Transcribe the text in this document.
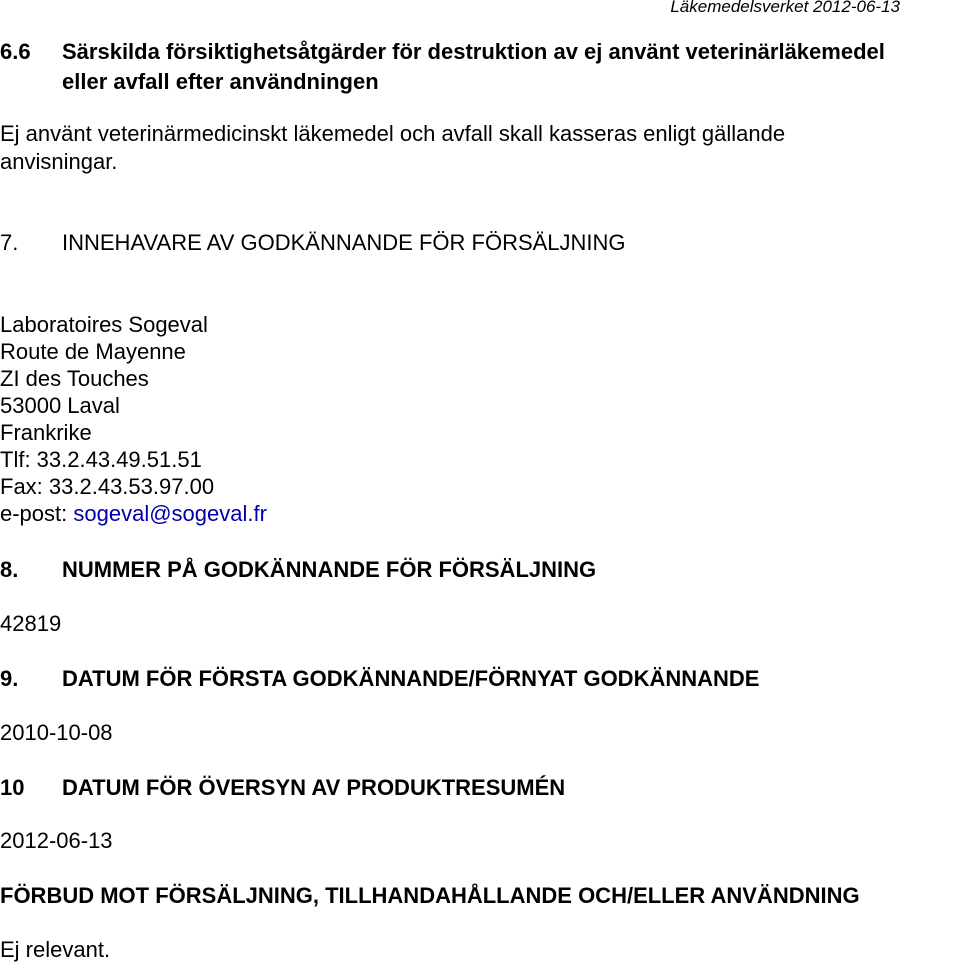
Läkemedelsverket 2012-06-13
6.6 Särskilda försiktighetsåtgärder för destruktion av ej använt veterinärläkemedel
eller avfall efter användningen
Ej använt veterinärmedicinskt läkemedel och avfall skall kasseras enligt gällande
anvisningar.
7. INNEHAVARE AV GODKÄNNANDE FÖR FÖRSÄLJNING
Laboratoires Sogeval
Route de Mayenne
ZI des Touches
53000 Laval
Frankrike
Tlf: 33.2.43.49.51.51
Fax: 33.2.43.53.97.00
e-post: sogeval@sogeval.fr
8. NUMMER PÅ GODKÄNNANDE FÖR FÖRSÄLJNING
42819
9. DATUM FÖR FÖRSTA GODKÄNNANDE/FÖRNYAT GODKÄNNANDE
2010-10-08
10 DATUM FÖR ÖVERSYN AV PRODUKTRESUMÉN
2012-06-13
FÖRBUD MOT FÖRSÄLJNING, TILLHANDAHÅLLANDE OCH/ELLER ANVÄNDNING
Ej relevant.
